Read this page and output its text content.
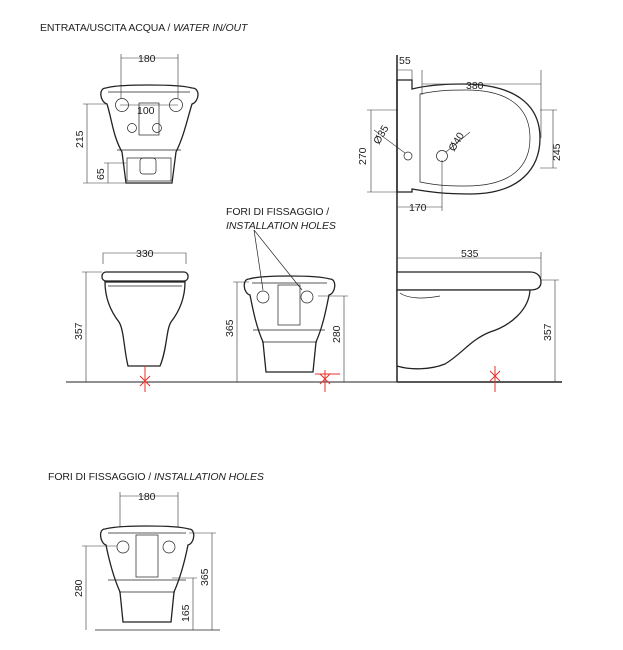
ENTRATA/USCITA ACQUA / WATER IN/OUT
FORI DI FISSAGGIO /
INSTALLATION HOLES
FORI DI FISSAGGIO / INSTALLATION HOLES
180
100
215
65
55
380
270	245
Ø35	Ø40
170
330
357	365	280
535
357
180
280
365
165
